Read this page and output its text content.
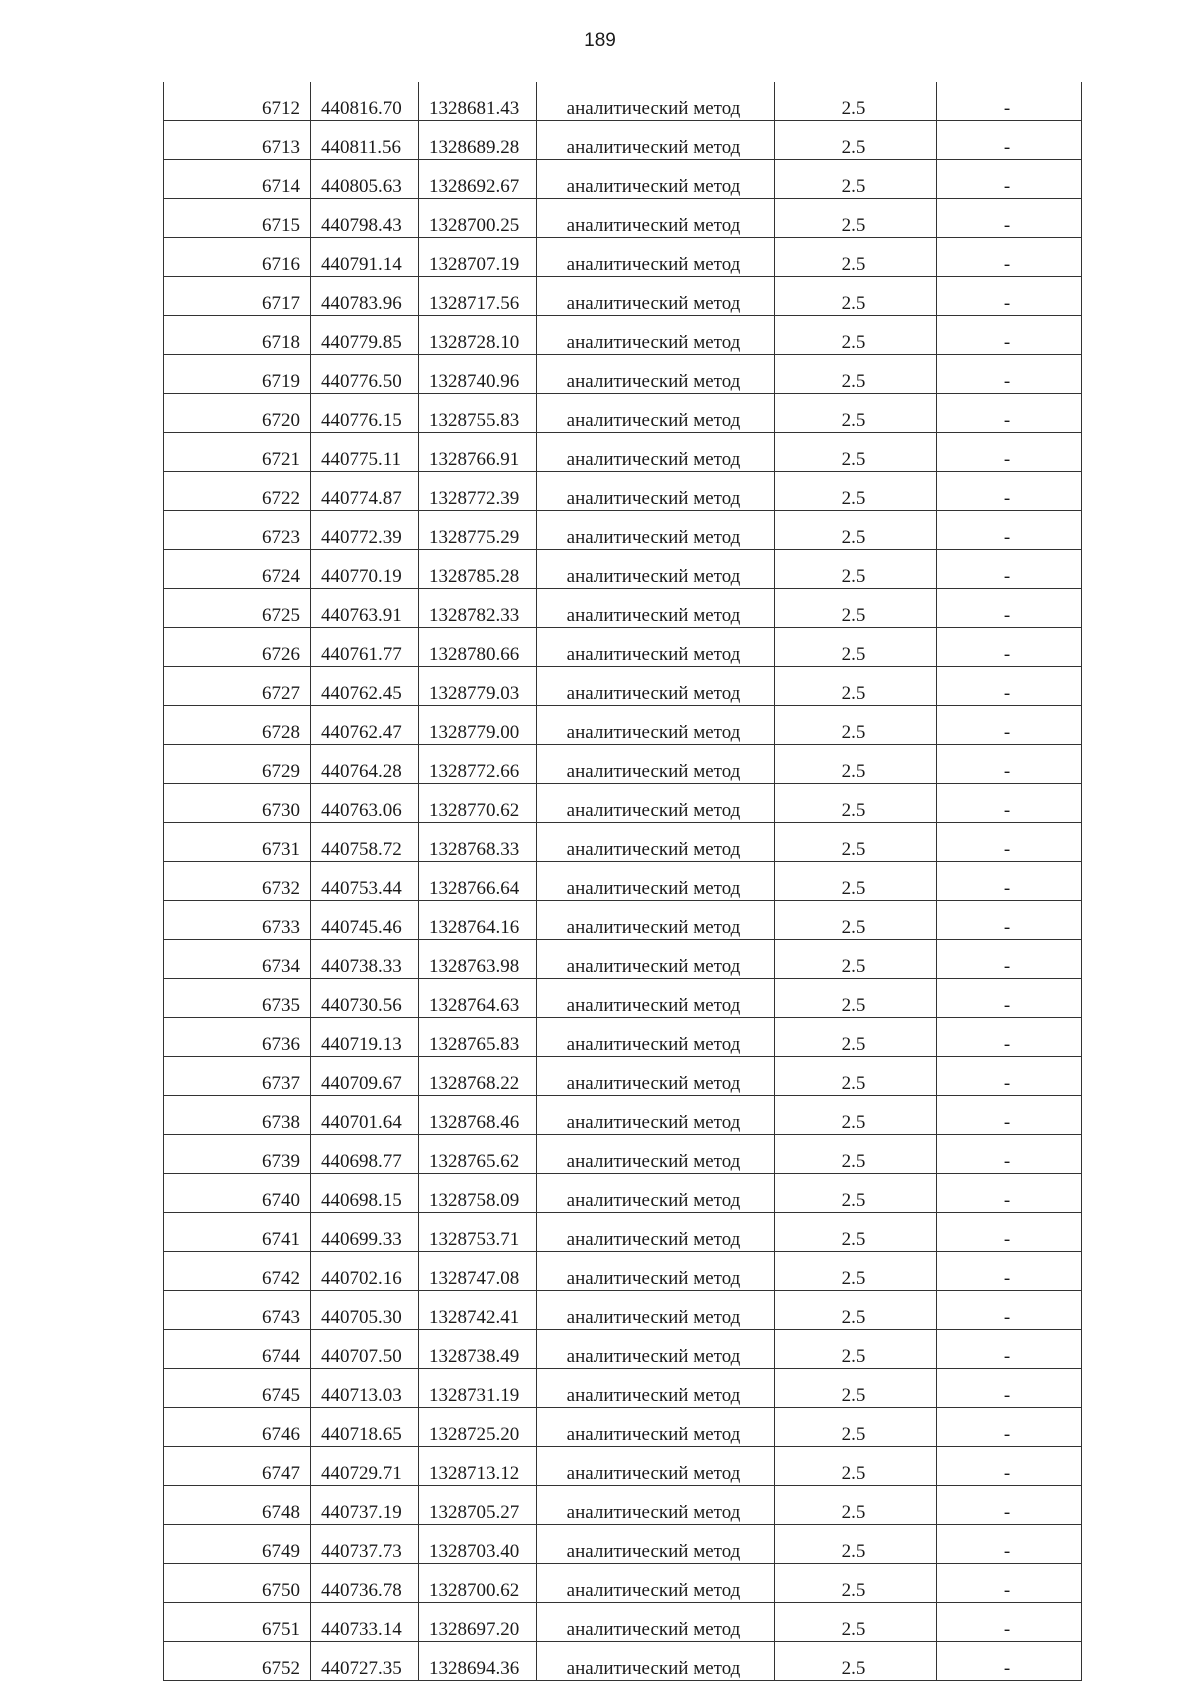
189
6712	440816.70	1328681.43	аналитический метод	2.5	-
6713	440811.56	1328689.28	аналитический метод	2.5	-
6714	440805.63	1328692.67	аналитический метод	2.5	-
6715	440798.43	1328700.25	аналитический метод	2.5	-
6716	440791.14	1328707.19	аналитический метод	2.5	-
6717	440783.96	1328717.56	аналитический метод	2.5	-
6718	440779.85	1328728.10	аналитический метод	2.5	-
6719	440776.50	1328740.96	аналитический метод	2.5	-
6720	440776.15	1328755.83	аналитический метод	2.5	-
6721	440775.11	1328766.91	аналитический метод	2.5	-
6722	440774.87	1328772.39	аналитический метод	2.5	-
6723	440772.39	1328775.29	аналитический метод	2.5	-
6724	440770.19	1328785.28	аналитический метод	2.5	-
6725	440763.91	1328782.33	аналитический метод	2.5	-
6726	440761.77	1328780.66	аналитический метод	2.5	-
6727	440762.45	1328779.03	аналитический метод	2.5	-
6728	440762.47	1328779.00	аналитический метод	2.5	-
6729	440764.28	1328772.66	аналитический метод	2.5	-
6730	440763.06	1328770.62	аналитический метод	2.5	-
6731	440758.72	1328768.33	аналитический метод	2.5	-
6732	440753.44	1328766.64	аналитический метод	2.5	-
6733	440745.46	1328764.16	аналитический метод	2.5	-
6734	440738.33	1328763.98	аналитический метод	2.5	-
6735	440730.56	1328764.63	аналитический метод	2.5	-
6736	440719.13	1328765.83	аналитический метод	2.5	-
6737	440709.67	1328768.22	аналитический метод	2.5	-
6738	440701.64	1328768.46	аналитический метод	2.5	-
6739	440698.77	1328765.62	аналитический метод	2.5	-
6740	440698.15	1328758.09	аналитический метод	2.5	-
6741	440699.33	1328753.71	аналитический метод	2.5	-
6742	440702.16	1328747.08	аналитический метод	2.5	-
6743	440705.30	1328742.41	аналитический метод	2.5	-
6744	440707.50	1328738.49	аналитический метод	2.5	-
6745	440713.03	1328731.19	аналитический метод	2.5	-
6746	440718.65	1328725.20	аналитический метод	2.5	-
6747	440729.71	1328713.12	аналитический метод	2.5	-
6748	440737.19	1328705.27	аналитический метод	2.5	-
6749	440737.73	1328703.40	аналитический метод	2.5	-
6750	440736.78	1328700.62	аналитический метод	2.5	-
6751	440733.14	1328697.20	аналитический метод	2.5	-
6752	440727.35	1328694.36	аналитический метод	2.5	-
